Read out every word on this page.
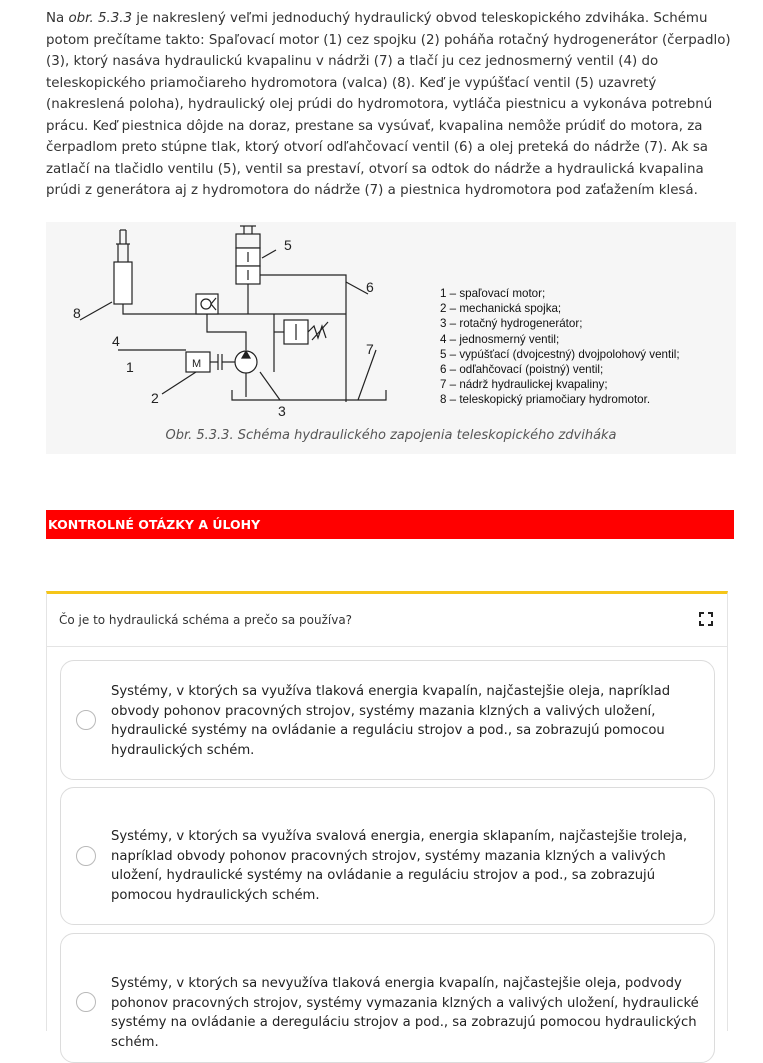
Na obr. 5.3.3 je nakreslený veľmi jednoduchý hydraulický obvod teleskopického zdviháka. Schému potom prečítame takto: Spaľovací motor (1) cez spojku (2) poháňa rotačný hydrogenerátor (čerpadlo) (3), ktorý nasáva hydraulickú kvapalinu v nádrži (7) a tlačí ju cez jednosmerný ventil (4) do teleskopického priamočiareho hydromotora (valca) (8). Keď je vypúšťací ventil (5) uzavretý (nakreslená poloha), hydraulický olej prúdi do hydromotora, vytláča piestnicu a vykonáva potrebnú prácu. Keď piestnica dôjde na doraz, prestane sa vysúvať, kvapalina nemôže prúdiť do motora, za čerpadlom preto stúpne tlak, ktorý otvorí odľahčovací ventil (6) a olej preteká do nádrže (7). Ak sa zatlačí na tlačidlo ventilu (5), ventil sa prestaví, otvorí sa odtok do nádrže a hydraulická kvapalina prúdi z generátora aj z hydromotora do nádrže (7) a piestnica hydromotora pod zaťažením klesá.
M
8
4
1
2
3
5
6
7
1 – spaľovací motor;
2 – mechanická spojka;
3 – rotačný hydrogenerátor;
4 – jednosmerný ventil;
5 – vypúšťací (dvojcestný) dvojpolohový ventil;
6 – odľahčovací (poistný) ventil;
7 – nádrž hydraulickej kvapaliny;
8 – teleskopický priamočiary hydromotor.
Obr. 5.3.3. Schéma hydraulického zapojenia teleskopického zdviháka
KONTROLNÉ OTÁZKY A ÚLOHY
Čo je to hydraulická schéma a prečo sa používa?
Systémy, v ktorých sa využíva tlaková energia kvapalín, najčastejšie oleja, napríklad obvody pohonov pracovných strojov, systémy mazania klzných a valivých uložení, hydraulické systémy na ovládanie a reguláciu strojov a pod., sa zobrazujú pomocou hydraulických schém.
Systémy, v ktorých sa využíva svalová energia, energia sklapaním, najčastejšie troleja, napríklad obvody pohonov pracovných strojov, systémy mazania klzných a valivých uložení, hydraulické systémy na ovládanie a reguláciu strojov a pod., sa zobrazujú pomocou hydraulických schém.
Systémy, v ktorých sa nevyužíva tlaková energia kvapalín, najčastejšie oleja, podvody pohonov pracovných strojov, systémy vymazania klzných a valivých uložení, hydraulické systémy na ovládanie a dereguláciu strojov a pod., sa zobrazujú pomocou hydraulických schém.
